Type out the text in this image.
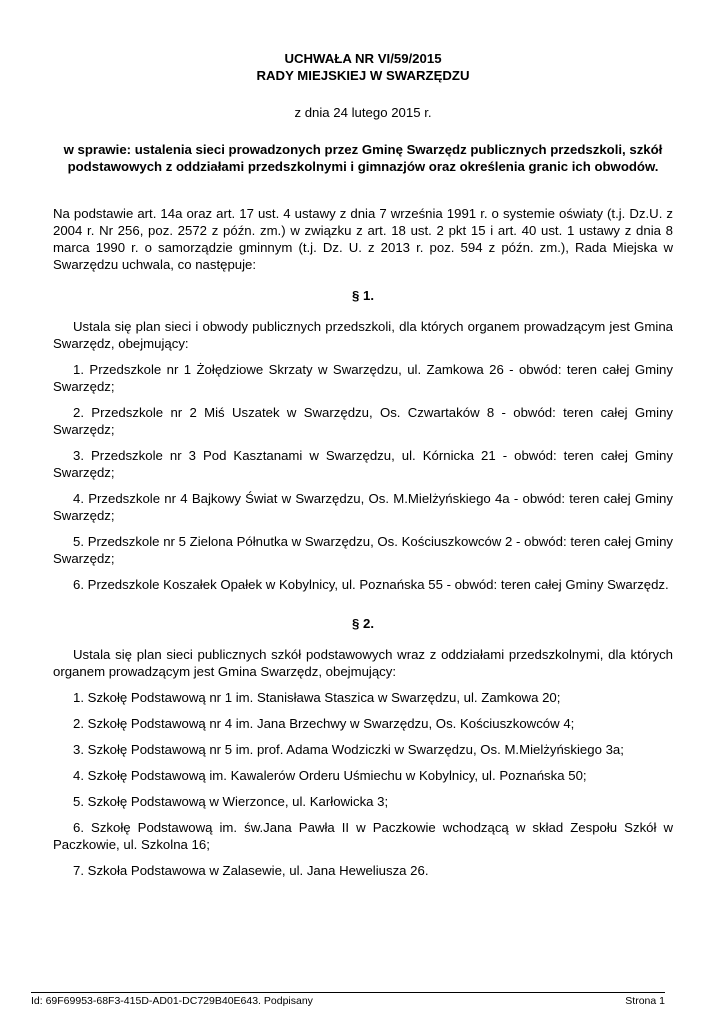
UCHWAŁA NR VI/59/2015

RADY MIEJSKIEJ W SWARZĘDZU

z dnia 24 lutego 2015 r.

w sprawie: ustalenia sieci prowadzonych przez Gminę Swarzędz publicznych przedszkoli, szkół podstawowych z oddziałami przedszkolnymi i gimnazjów oraz określenia granic ich obwodów.

Na podstawie art. 14a oraz art. 17 ust. 4 ustawy z dnia 7 września 1991 r. o systemie oświaty (t.j. Dz.U. z 2004 r. Nr 256, poz. 2572 z późn. zm.) w związku z art. 18 ust. 2 pkt 15 i art. 40 ust. 1 ustawy z dnia 8 marca 1990 r. o samorządzie gminnym (t.j. Dz. U. z 2013 r. poz. 594 z późn. zm.), Rada Miejska w Swarzędzu uchwala, co następuje:

§ 1.

Ustala się plan sieci i obwody publicznych przedszkoli, dla których organem prowadzącym jest Gmina Swarzędz, obejmujący:

1. Przedszkole nr 1 Żołędziowe Skrzaty w Swarzędzu, ul. Zamkowa 26 - obwód: teren całej Gminy Swarzędz;

2. Przedszkole nr 2 Miś Uszatek w Swarzędzu, Os. Czwartaków 8 - obwód: teren całej Gminy Swarzędz;

3. Przedszkole nr 3 Pod Kasztanami w Swarzędzu, ul. Kórnicka 21 - obwód: teren całej Gminy Swarzędz;

4. Przedszkole nr 4 Bajkowy Świat w Swarzędzu, Os. M.Mielżyńskiego 4a - obwód: teren całej Gminy Swarzędz;

5. Przedszkole nr 5 Zielona Półnutka w Swarzędzu, Os. Kościuszkowców 2 - obwód: teren całej Gminy Swarzędz;

6. Przedszkole Koszałek Opałek w Kobylnicy, ul. Poznańska 55 - obwód: teren całej Gminy Swarzędz.

§ 2.

Ustala się plan sieci publicznych szkół podstawowych wraz z oddziałami przedszkolnymi, dla których organem prowadzącym jest Gmina Swarzędz, obejmujący:

1. Szkołę Podstawową nr 1 im. Stanisława Staszica w Swarzędzu, ul. Zamkowa 20;

2. Szkołę Podstawową nr 4 im. Jana Brzechwy w Swarzędzu, Os. Kościuszkowców 4;

3. Szkołę Podstawową nr 5 im. prof. Adama Wodziczki w Swarzędzu, Os. M.Mielżyńskiego 3a;

4. Szkołę Podstawową im. Kawalerów Orderu Uśmiechu w Kobylnicy, ul. Poznańska 50;

5. Szkołę Podstawową w Wierzonce, ul. Karłowicka 3;

6. Szkołę Podstawową im. św.Jana Pawła II w Paczkowie wchodzącą w skład Zespołu Szkół w Paczkowie, ul. Szkolna 16;

7. Szkoła Podstawowa w Zalasewie, ul. Jana Heweliusza 26.

Id: 69F69953-68F3-415D-AD01-DC729B40E643. Podpisany	Strona 1
